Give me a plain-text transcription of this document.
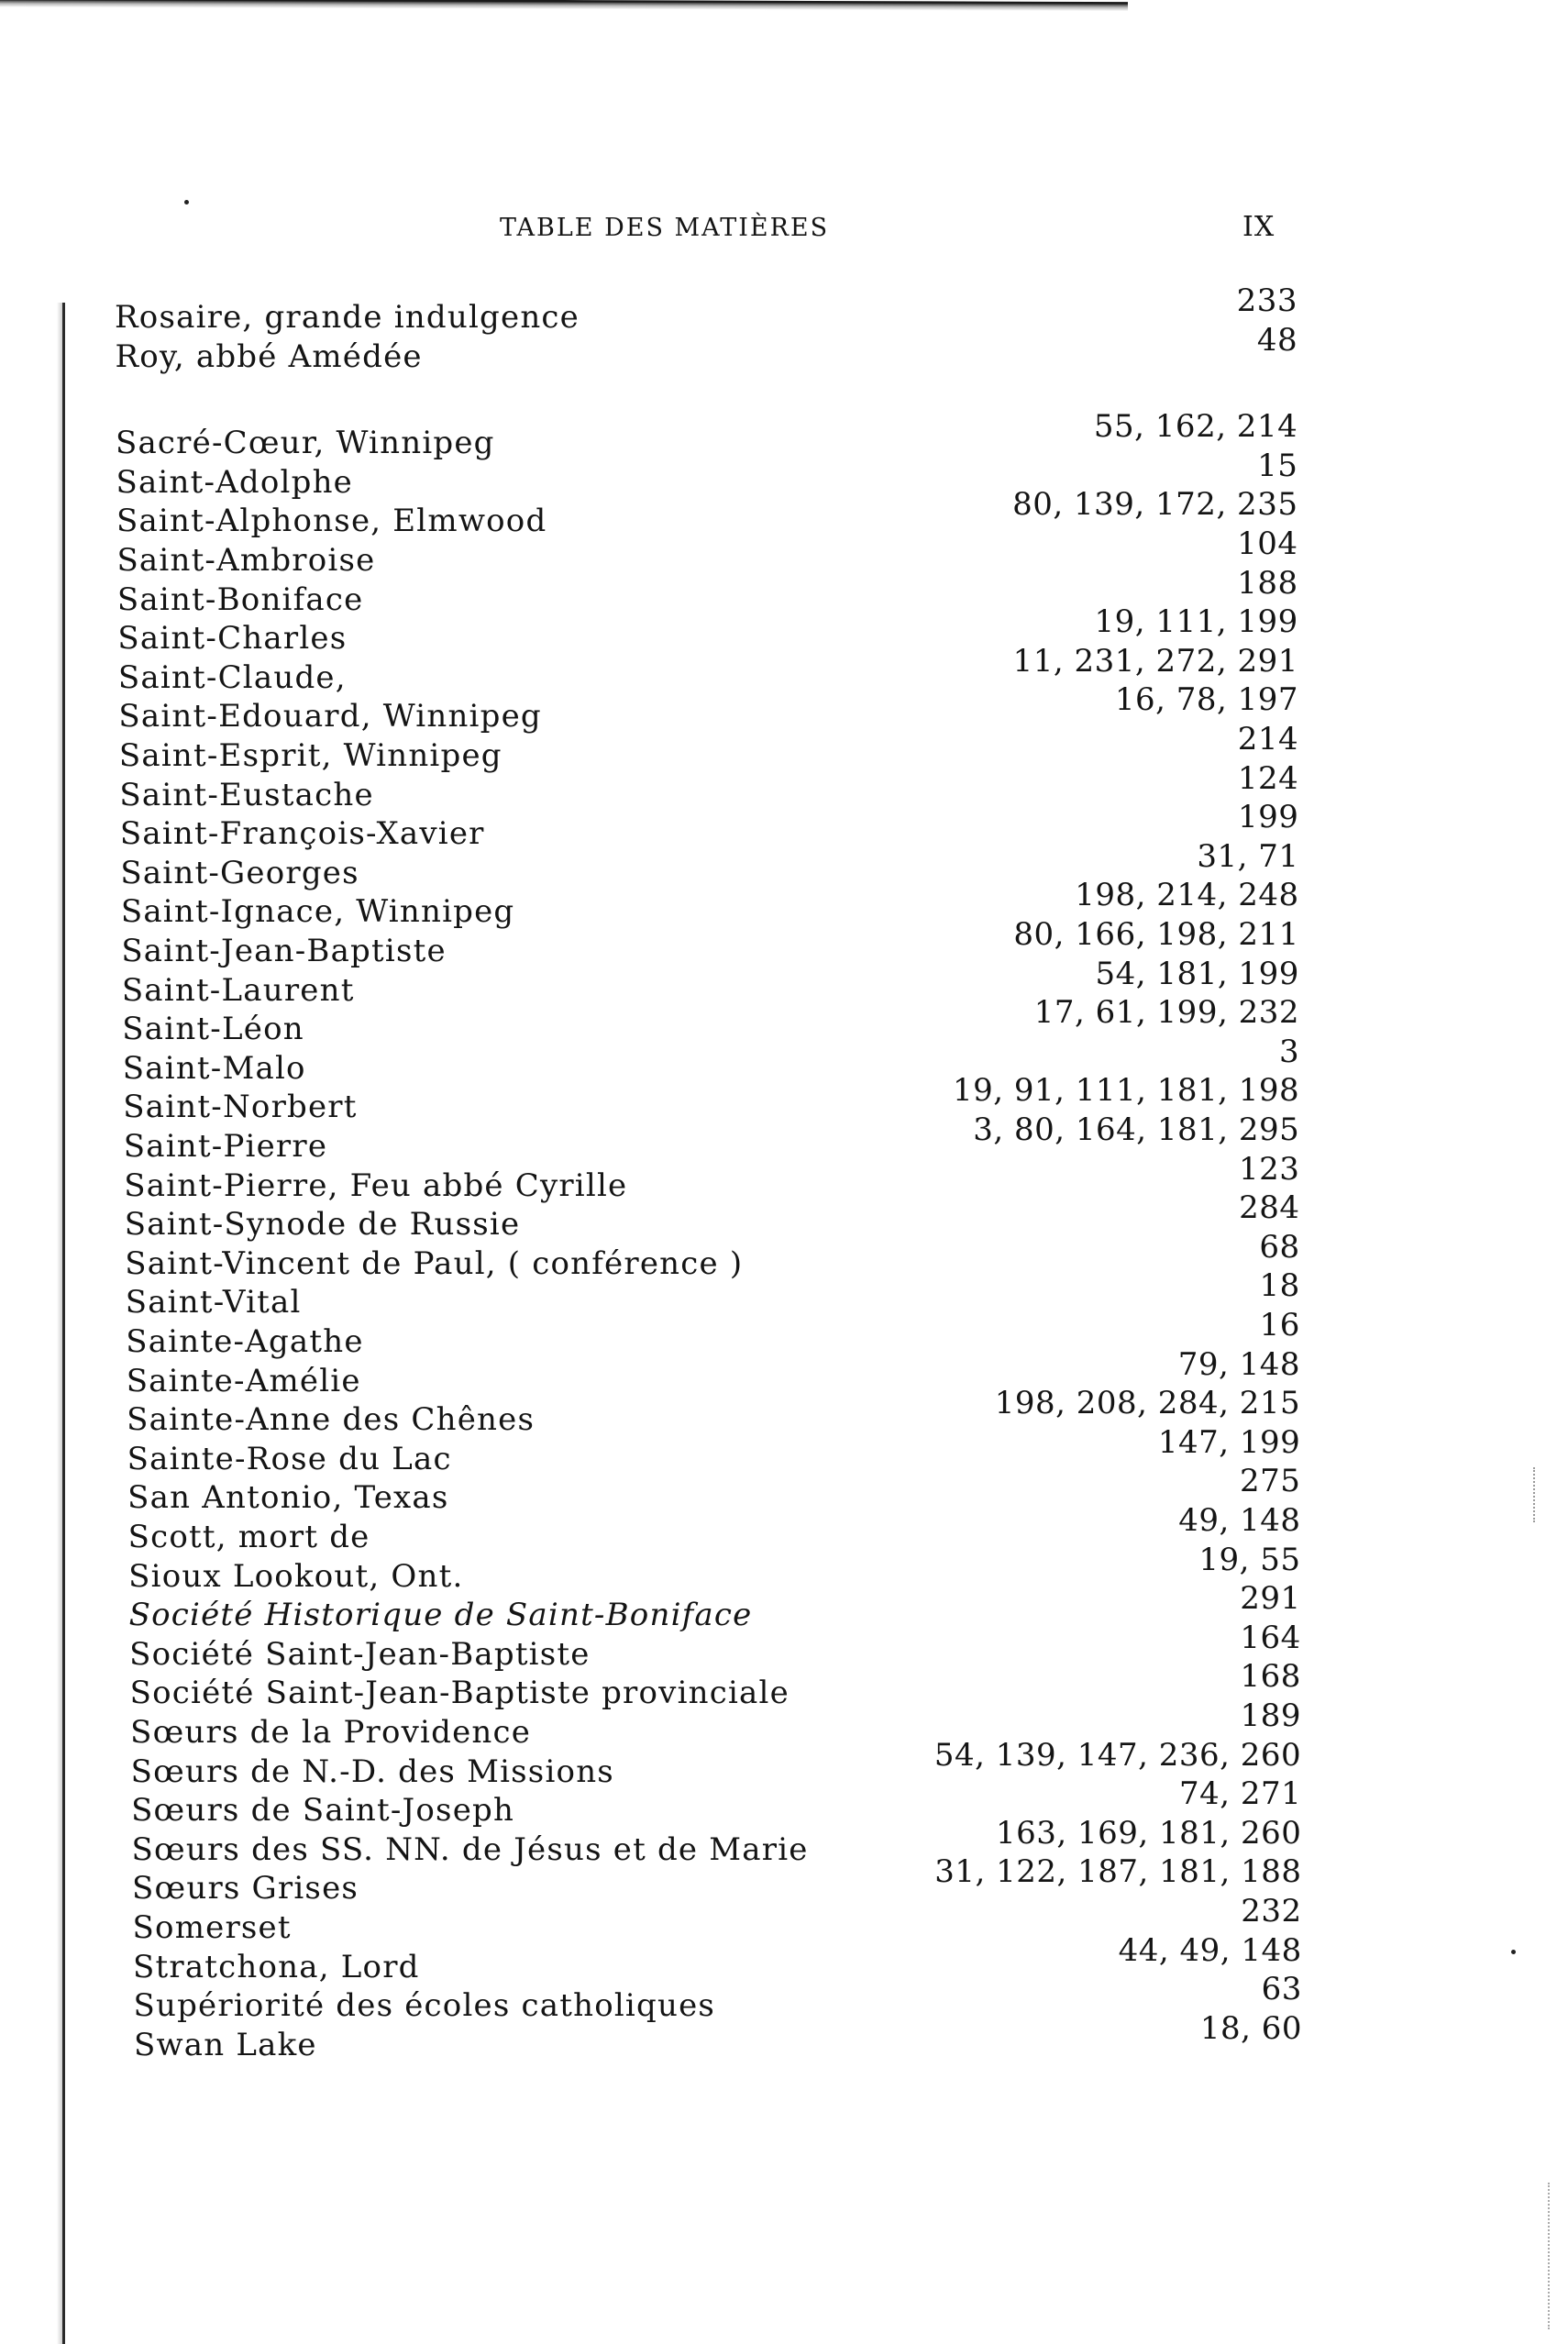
TABLE DES MATIÈRES	IX
Rosaire, grande indulgence	233
Roy, abbé Amédée	48
Sacré-Cœur, Winnipeg	55, 162, 214
Saint-Adolphe	15
Saint-Alphonse, Elmwood	80, 139, 172, 235
Saint-Ambroise	104
Saint-Boniface	188
Saint-Charles	19, 111, 199
Saint-Claude,	11, 231, 272, 291
Saint-Edouard, Winnipeg	16, 78, 197
Saint-Esprit, Winnipeg	214
Saint-Eustache	124
Saint-François-Xavier	199
Saint-Georges	31, 71
Saint-Ignace, Winnipeg	198, 214, 248
Saint-Jean-Baptiste	80, 166, 198, 211
Saint-Laurent	54, 181, 199
Saint-Léon	17, 61, 199, 232
Saint-Malo	3
Saint-Norbert	19, 91, 111, 181, 198
Saint-Pierre	3, 80, 164, 181, 295
Saint-Pierre, Feu abbé Cyrille	123
Saint-Synode de Russie	284
Saint-Vincent de Paul, ( conférence )	68
Saint-Vital	18
Sainte-Agathe	16
Sainte-Amélie	79, 148
Sainte-Anne des Chênes	198, 208, 284, 215
Sainte-Rose du Lac	147, 199
San Antonio, Texas	275
Scott, mort de	49, 148
Sioux Lookout, Ont.	19, 55
Société Historique de Saint-Boniface	291
Société Saint-Jean-Baptiste	164
Société Saint-Jean-Baptiste provinciale	168
Sœurs de la Providence	189
Sœurs de N.-D. des Missions	54, 139, 147, 236, 260
Sœurs de Saint-Joseph	74, 271
Sœurs des SS. NN. de Jésus et de Marie	163, 169, 181, 260
Sœurs Grises	31, 122, 187, 181, 188
Somerset	232
Stratchona, Lord	44, 49, 148
Supériorité des écoles catholiques	63
Swan Lake	18, 60
